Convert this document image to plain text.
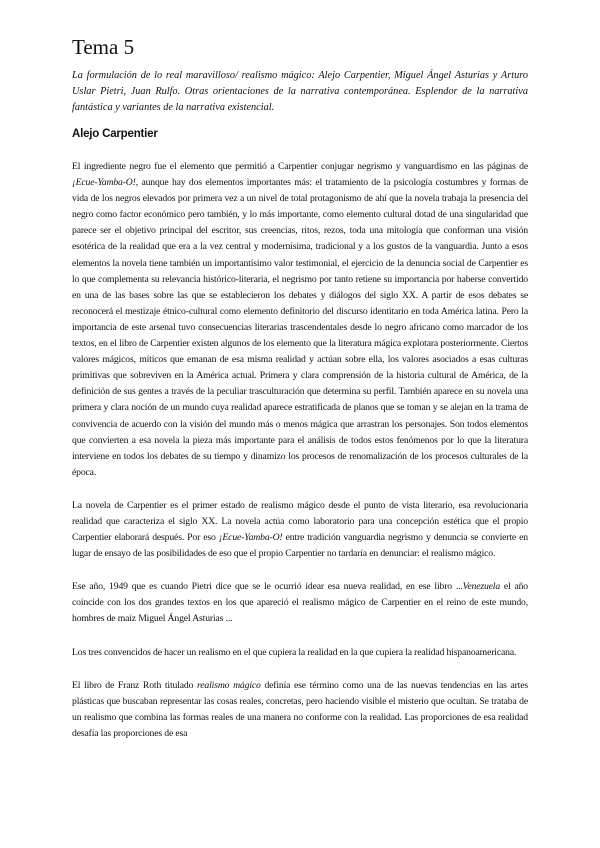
Tema 5

La formulación de lo real maravilloso/ realismo mágico: Alejo Carpentier, Miguel Ángel Asturias y Arturo Uslar Pietri, Juan Rulfo. Otras orientaciones de la narrativa contemporánea. Esplendor de la narrativa fantástica y variantes de la narrativa existencial.

Alejo Carpentier

El ingrediente negro fue el elemento que permitió a Carpentier conjugar negrismo y vanguardismo en las páginas de ¡Ecue-Yamba-O!, aunque hay dos elementos importantes más: el tratamiento de la psicología costumbres y formas de vida de los negros elevados por primera vez a un nivel de total protagonismo de ahí que la novela trabaja la presencia del negro como factor económico pero también, y lo más importante, como elemento cultural dotad de una singularidad que parece ser el objetivo principal del escritor, sus creencias, ritos, rezos, toda una mitología que conforman una visión esotérica de la realidad que era a la vez central y modernísima, tradicional y a los gustos de la vanguardia. Junto a esos elementos la novela tiene también un importantísimo valor testimonial, el ejercicio de la denuncia social de Carpentier es lo que complementa su relevancia histórico-literaria, el negrismo por tanto retiene su importancia por haberse convertido en una de las bases sobre las que se establecieron los debates y diálogos del siglo XX. A partir de esos debates se reconocerá el mestizaje étnico-cultural como elemento definitorio del discurso identitario en toda América latina. Pero la importancia de este arsenal tuvo consecuencias literarias trascendentales desde lo negro africano como marcador de los textos, en el libro de Carpentier existen algunos de los elemento que la literatura mágica explotara posteriormente. Ciertos valores mágicos, míticos que emanan de esa misma realidad y actúan sobre ella, los valores asociados a esas culturas primitivas que sobreviven en la América actual. Primera y clara comprensión de la historia cultural de América, de la definición de sus gentes a través de la peculiar trasculturación que determina su perfil. También aparece en su novela una primera y clara noción de un mundo cuya realidad aparece estratificada de planos que se toman y se alejan en la trama de convivencia de acuerdo con la visión del mundo más o menos mágica que arrastran los personajes. Son todos elementos que convierten a esa novela la pieza más importante para el análisis de todos estos fenómenos por lo que la literatura interviene en todos los debates de su tiempo y dinamizo los procesos de renomalización de los procesos culturales de la época.

La novela de Carpentier es el primer estado de realismo mágico desde el punto de vista literario, esa revolucionaria realidad que caracteriza el siglo XX. La novela actúa como laboratorio para una concepción estética que el propio Carpentier elaborará después. Por eso ¡Ecue-Yamba-O! entre tradición vanguardia negrismo y denuncia se convierte en lugar de ensayo de las posibilidades de eso que el propio Carpentier no tardaría en denunciar: el realismo mágico.

Ese año, 1949 que es cuando Pietri dice que se le ocurrió idear esa nueva realidad, en ese libro ...Venezuela el año coincide con los dos grandes textos en los que apareció el realismo mágico de Carpentier en el reino de este mundo, hombres de maíz Miguel Ángel Asturias ...

Los tres convencidos de hacer un realismo en el que cupiera la realidad en la que cupiera la realidad hispanoamericana.

El libro de Franz Roth titulado realismo mágico definía ese término como una de las nuevas tendencias en las artes plásticas que buscaban representar las cosas reales, concretas, pero haciendo visible el misterio que ocultan. Se trataba de un realismo que combina las formas reales de una manera no conforme con la realidad. Las proporciones de esa realidad desafía las proporciones de esa
